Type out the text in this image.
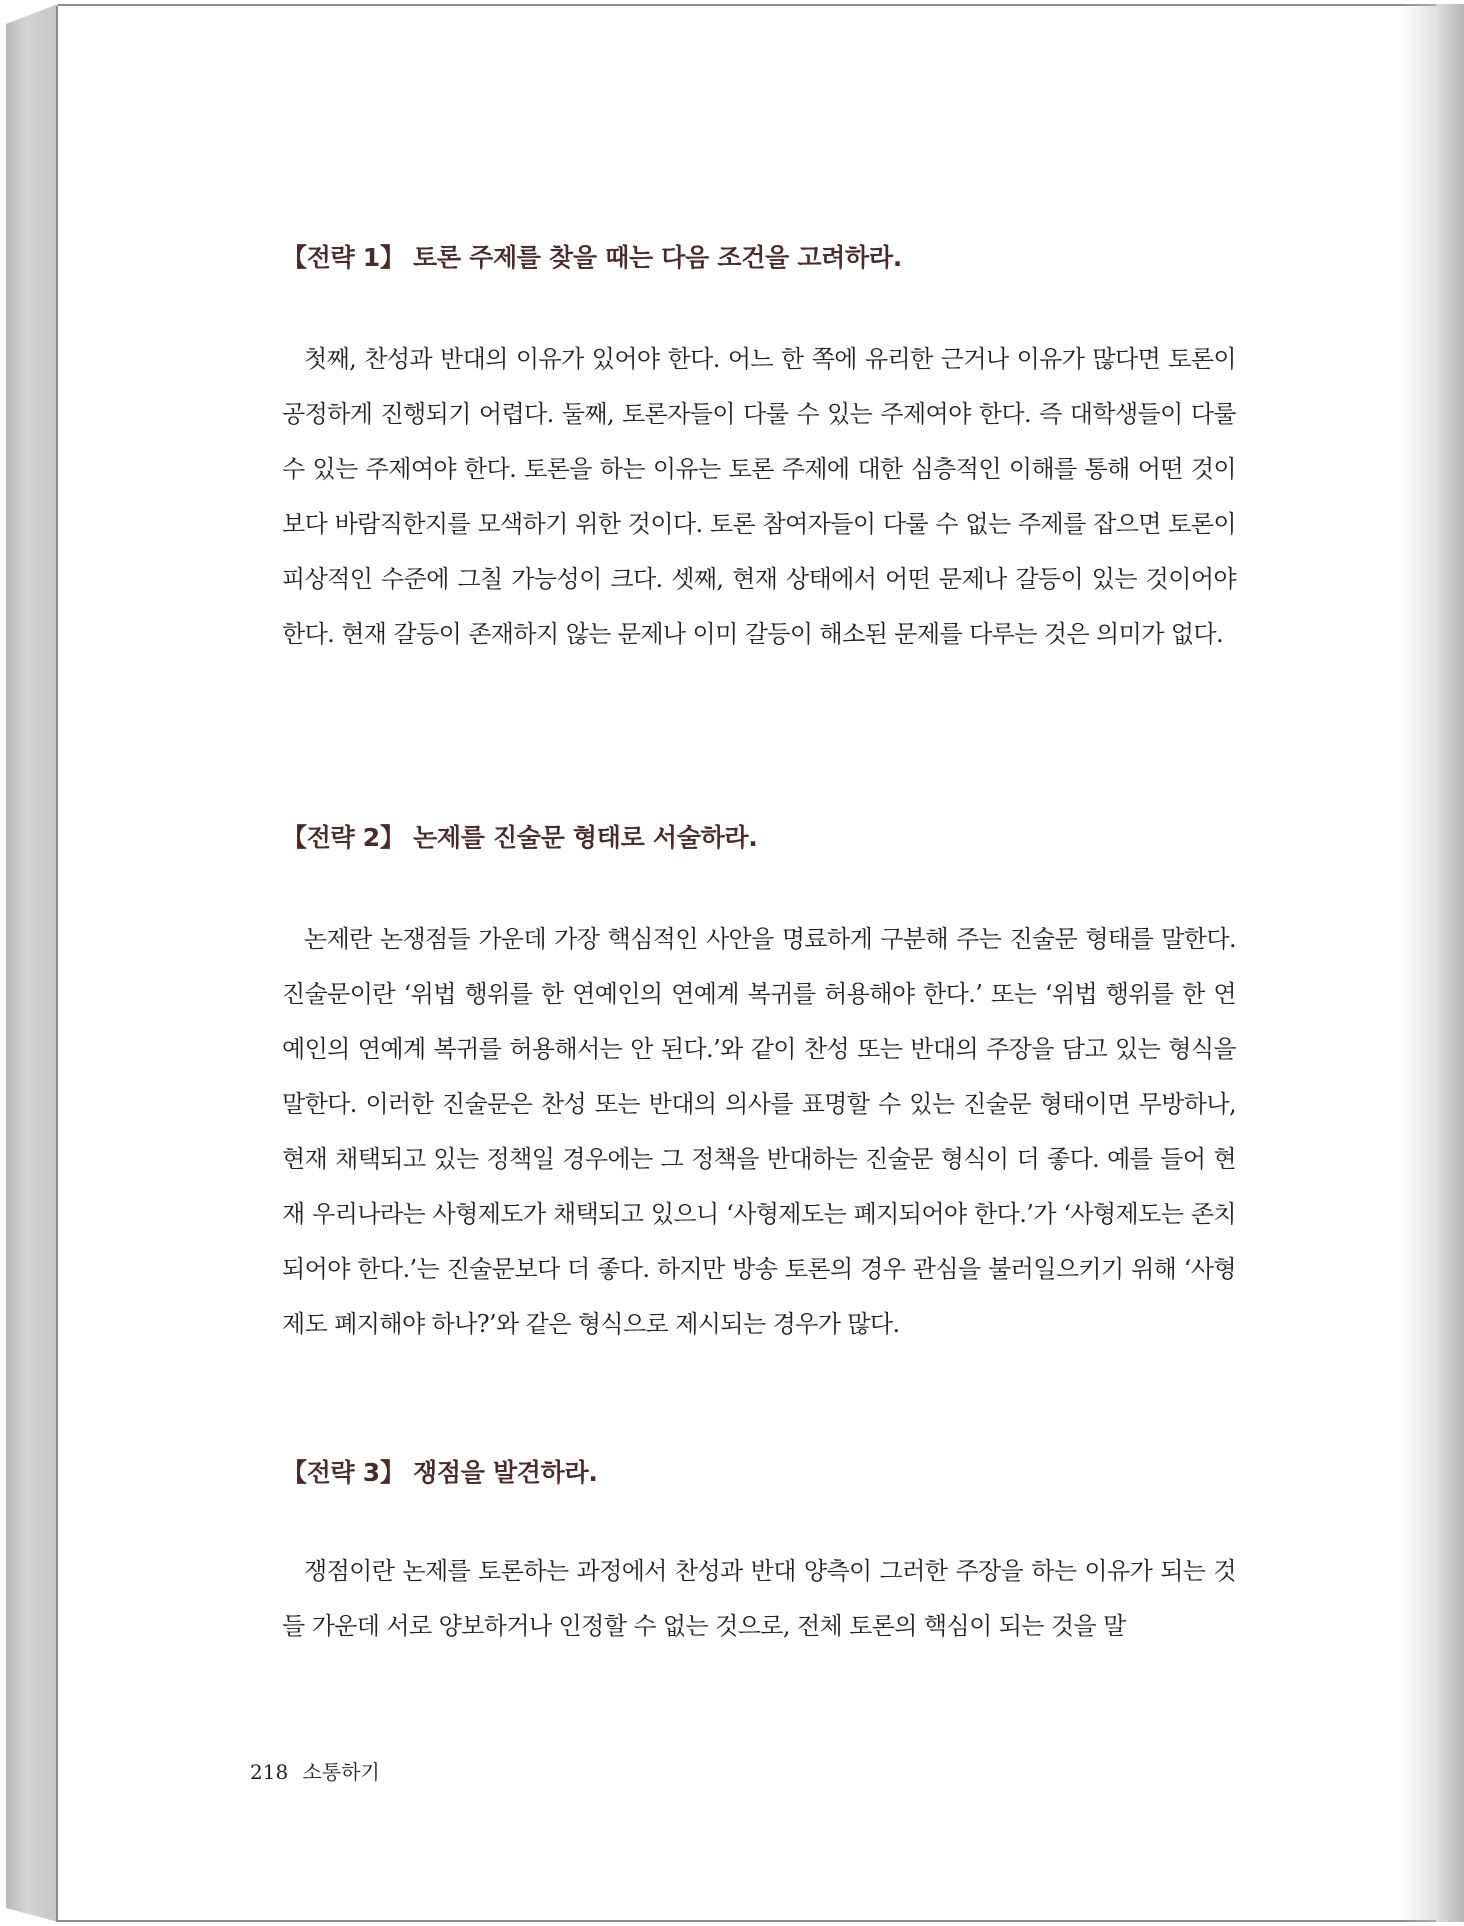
【전략 1】 토론 주제를 찾을 때는 다음 조건을 고려하라.

첫째, 찬성과 반대의 이유가 있어야 한다. 어느 한 쪽에 유리한 근거나 이유가 많다면 토론이 공정하게 진행되기 어렵다. 둘째, 토론자들이 다룰 수 있는 주제여야 한다. 즉 대학생들이 다룰 수 있는 주제여야 한다. 토론을 하는 이유는 토론 주제에 대한 심층적인 이해를 통해 어떤 것이 보다 바람직한지를 모색하기 위한 것이다. 토론 참여자들이 다룰 수 없는 주제를 잡으면 토론이 피상적인 수준에 그칠 가능성이 크다. 셋째, 현재 상태에서 어떤 문제나 갈등이 있는 것이어야 한다. 현재 갈등이 존재하지 않는 문제나 이미 갈등이 해소된 문제를 다루는 것은 의미가 없다.

【전략 2】 논제를 진술문 형태로 서술하라.

논제란 논쟁점들 가운데 가장 핵심적인 사안을 명료하게 구분해 주는 진술문 형태를 말한다. 진술문이란 ‘위법 행위를 한 연예인의 연예계 복귀를 허용해야 한다.’ 또는 ‘위법 행위를 한 연예인의 연예계 복귀를 허용해서는 안 된다.’와 같이 찬성 또는 반대의 주장을 담고 있는 형식을 말한다. 이러한 진술문은 찬성 또는 반대의 의사를 표명할 수 있는 진술문 형태이면 무방하나, 현재 채택되고 있는 정책일 경우에는 그 정책을 반대하는 진술문 형식이 더 좋다. 예를 들어 현재 우리나라는 사형제도가 채택되고 있으니 ‘사형제도는 폐지되어야 한다.’가 ‘사형제도는 존치되어야 한다.’는 진술문보다 더 좋다. 하지만 방송 토론의 경우 관심을 불러일으키기 위해 ‘사형제도 폐지해야 하나?’와 같은 형식으로 제시되는 경우가 많다.

【전략 3】 쟁점을 발견하라.

쟁점이란 논제를 토론하는 과정에서 찬성과 반대 양측이 그러한 주장을 하는 이유가 되는 것들 가운데 서로 양보하거나 인정할 수 없는 것으로, 전체 토론의 핵심이 되는 것을 말

218 소통하기
